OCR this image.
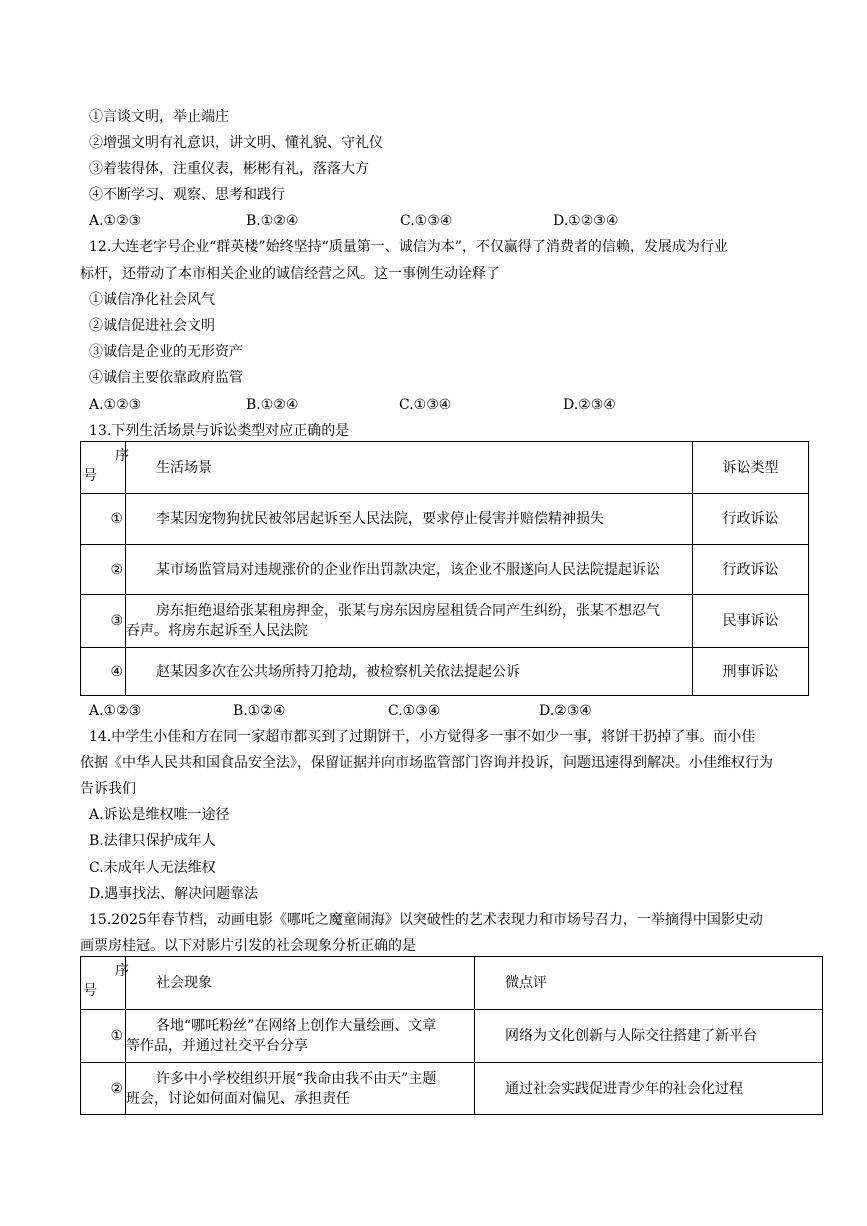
①言谈文明，举止端庄
②增强文明有礼意识，讲文明、懂礼貌、守礼仪
③着装得体，注重仪表，彬彬有礼，落落大方
④不断学习、观察、思考和践行
A.①②③	B.①②④	C.①③④	D.①②③④
12.大连老字号企业“群英楼”始终坚持“质量第一、诚信为本”，不仅赢得了消费者的信赖，发展成为行业
标杆，还带动了本市相关企业的诚信经营之风。这一事例生动诠释了
①诚信净化社会风气
②诚信促进社会文明
③诚信是企业的无形资产
④诚信主要依靠政府监管
A.①②③	B.①②④	C.①③④	D.②③④
13.下列生活场景与诉讼类型对应正确的是
序
号	生活场景	诉讼类型

①	李某因宠物狗扰民被邻居起诉至人民法院，要求停止侵害并赔偿精神损失	行政诉讼

②	某市场监管局对违规涨价的企业作出罚款决定，该企业不服遂向人民法院提起诉讼	行政诉讼

③	房东拒绝退给张某租房押金，张某与房东因房屋租赁合同产生纠纷，张某不想忍气
吞声。将房东起诉至人民法院	民事诉讼

④	赵某因多次在公共场所持刀抢劫，被检察机关依法提起公诉	刑事诉讼
A.①②③	B.①②④	C.①③④	D.②③④
14.中学生小佳和方在同一家超市都买到了过期饼干，小方觉得多一事不如少一事，将饼干扔掉了事。而小佳
依据《中华人民共和国食品安全法》，保留证据并向市场监管部门咨询并投诉，问题迅速得到解决。小佳维权行为
告诉我们
A.诉讼是维权唯一途径
B.法律只保护成年人
C.未成年人无法维权
D.遇事找法、解决问题靠法
15.2025年春节档，动画电影《哪吒之魔童闹海》以突破性的艺术表现力和市场号召力，一举摘得中国影史动
画票房桂冠。以下对影片引发的社会现象分析正确的是
序
号	社会现象	微点评

①	各地“哪吒粉丝”在网络上创作大量绘画、文章
等作品，并通过社交平台分享	网络为文化创新与人际交往搭建了新平台

②	许多中小学校组织开展“我命由我不由天”主题
班会，讨论如何面对偏见、承担责任	通过社会实践促进青少年的社会化过程
